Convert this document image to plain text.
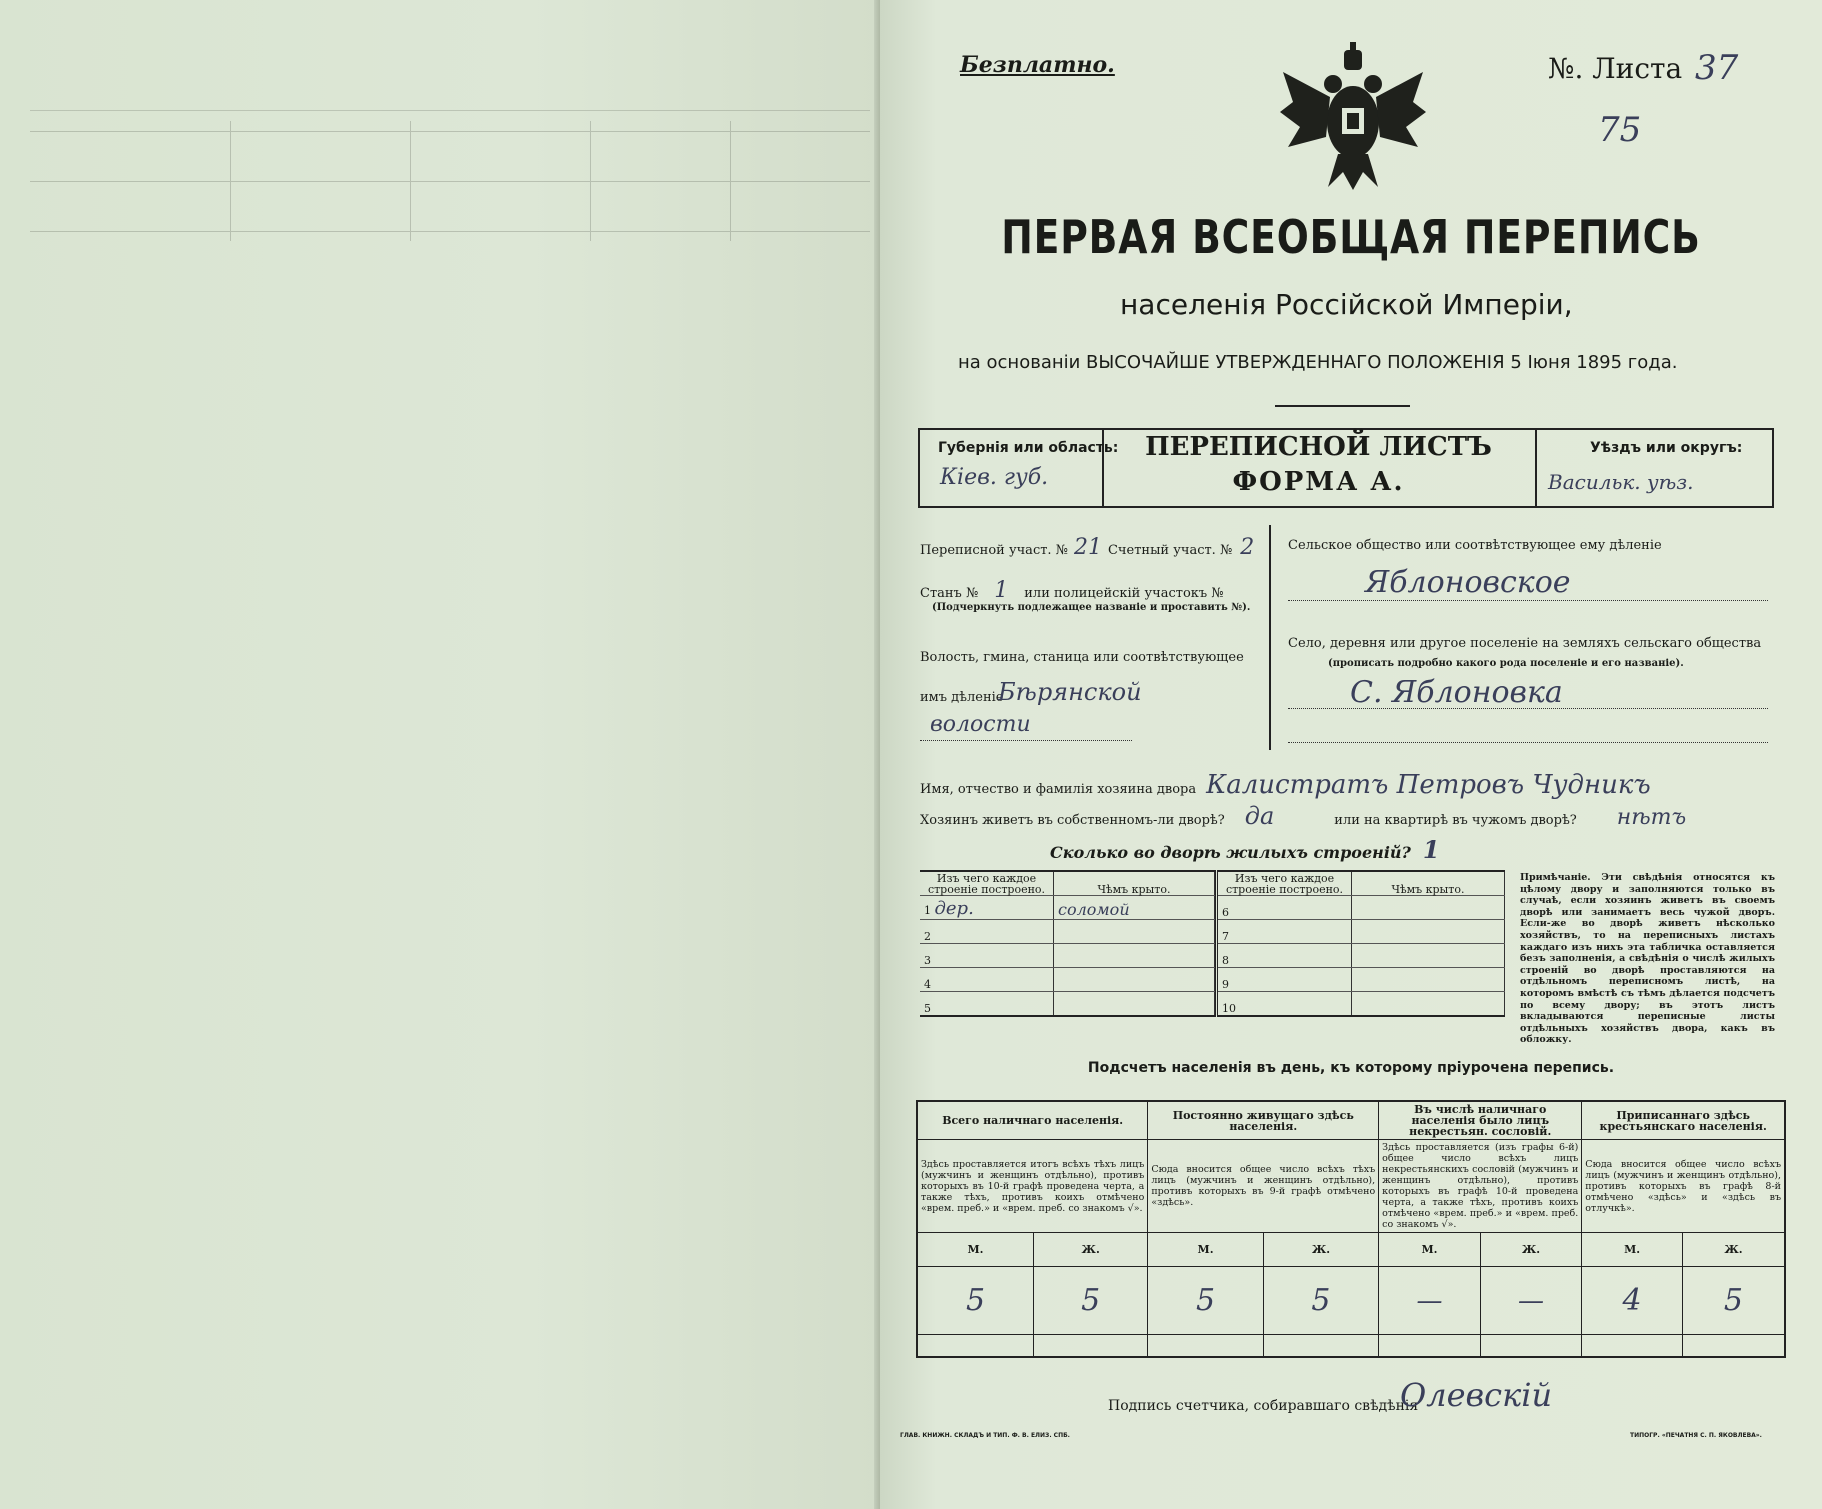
Безплатно.	№. Листа 37
75
ПЕРВАЯ ВСЕОБЩАЯ ПЕРЕПИСЬ
населенія Россійской Имперіи,
на основаніи ВЫСОЧАЙШЕ УТВЕРЖДЕННАГО ПОЛОЖЕНІЯ 5 Іюня 1895 года.
Губернія или область:
Кiев. губ.
ПЕРЕПИСНОЙ ЛИСТЪ
ФОРМА А.
Уѣздъ или округъ:
Васильк. уѣз.
Переписной участ. № 21 Счетный участ. № 2
Станъ № 1 или полицейскій участокъ №
(Подчеркнуть подлежащее названіе и проставить №).
Волость, гмина, станица или соотвѣтствующее
имъ дѣленіе
Бѣрянской
волости
Сельское общество или соотвѣтствующее ему дѣленіе
Яблоновское
Село, деревня или другое поселеніе на земляхъ сельскаго общества
(прописать подробно какого рода поселеніе и его названіе).
С. Яблоновка
Имя, отчество и фамилія хозяина двора Калистратъ Петровъ Чудникъ
Хозяинъ живетъ въ собственномъ-ли дворѣ? да	или на квартирѣ въ чужомъ дворѣ? нѣтъ
Сколько во дворѣ жилыхъ строеній? 1
Изъ чего каждое строеніе построено.	Чѣмъ крыто.
1 дер.	соломой
2	
3	
4	
5	
Изъ чего каждое строеніе построено.	Чѣмъ крыто.
6	
7	
8	
9	
10	
Примѣчаніе. Эти свѣдѣнія относятся къ цѣлому двору и заполняются только въ случаѣ, если хозяинъ живетъ въ своемъ дворѣ или занимаетъ весь чужой дворъ. Если-же во дворѣ живетъ нѣсколько хозяйствъ, то на переписныхъ листахъ каждаго изъ нихъ эта табличка оставляется безъ заполненія, а свѣдѣнія о числѣ жилыхъ строеній во дворѣ проставляются на отдѣльномъ переписномъ листѣ, на которомъ вмѣстѣ съ тѣмъ дѣлается подсчетъ по всему двору; въ этотъ листъ вкладываются переписные листы отдѣльныхъ хозяйствъ двора, какъ въ обложку.
Подсчетъ населенія въ день, къ которому пріурочена перепись.
Всего наличнаго населенія.		Постоянно живущаго здѣсь населенія.		Въ числѣ наличнаго населенія было лицъ некрестьян. сословій.		Приписаннаго здѣсь крестьянскаго населенія.	
Здѣсь проставляется итогъ всѣхъ тѣхъ лицъ (мужчинъ и женщинъ отдѣльно), противъ которыхъ въ 10-й графѣ проведена черта, а также тѣхъ, противъ коихъ отмѣчено «врем. преб.» и «врем. преб. со знакомъ √».		Сюда вносится общее число всѣхъ тѣхъ лицъ (мужчинъ и женщинъ отдѣльно), противъ которыхъ въ 9-й графѣ отмѣчено «здѣсь».		Здѣсь проставляется (изъ графы 6-й) общее число всѣхъ лицъ некрестьянскихъ сословій (мужчинъ и женщинъ отдѣльно), противъ которыхъ въ графѣ 10-й проведена черта, а также тѣхъ, противъ коихъ отмѣчено «врем. преб.» и «врем. преб. со знакомъ √».		Сюда вносится общее число всѣхъ лицъ (мужчинъ и женщинъ отдѣльно), противъ которыхъ въ графѣ 8-й отмѣчено «здѣсь» и «здѣсь въ отлучкѣ».	
М.	Ж.	М.	Ж.	М.	Ж.	М.	Ж.
5	5	5	5	—	—	4	5

Подпись счетчика, собиравшаго свѣдѣнія
Олевскiй
ГЛАВ. КНИЖН. СКЛАДЪ И ТИП. Ф. В. ЕЛИЗ. СПБ.	ТИПОГР. «ПЕЧАТНЯ С. П. ЯКОВЛЕВА».
